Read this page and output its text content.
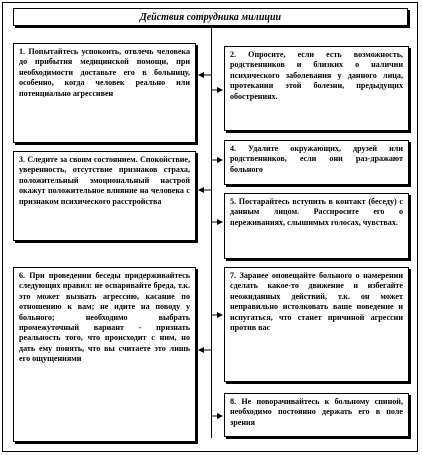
Действия сотрудника милиции
1. Попытайтесь успокоить, отвлечь человека до прибытия медицинской помощи, при необходимости доставьте его в больницу, особенно, когда человек реально или потенциально агрессивен
2. Опросите, если есть возможность, родственников и близких о наличии психического заболевания у данного лица, протекании этой болезни, предыдущих обострениях.
3. Следите за своим состоянием. Спокойствие, уверенность, отсутствие признаков страха, положительный эмоциональный настрой окажут положительное влияние на человека с признаком психического расстройства
4. Удалите окружающих, друзей или родственников, если они раз-дражают больного
5. Постарайтесь вступить в контакт (беседу) с данным лицом. Расспросите его о переживаниях, слышимых голосах, чувствах.
6. При проведении беседы придерживайтесь следующих правил: не оспаривайте бреда, т.к. это может вызвать агрессию, касание по отношению к вам; не идите на поводу у больного; необходимо выбрать промежуточный вариант - признать реальность того, что происходит с ним, но дать ему понять, что вы считаете это лишь его ощущениями
7. Заранее оповещайте больного о намерении сделать какое-то движение и избегайте неожиданных действий, т.к. он может неправильно истолковать ваше поведение и испугаться, что станет причиной агрессии против вас
8. Не поворачивайтесь к больному спиной, необходимо постоянно держать его в поле зрения
